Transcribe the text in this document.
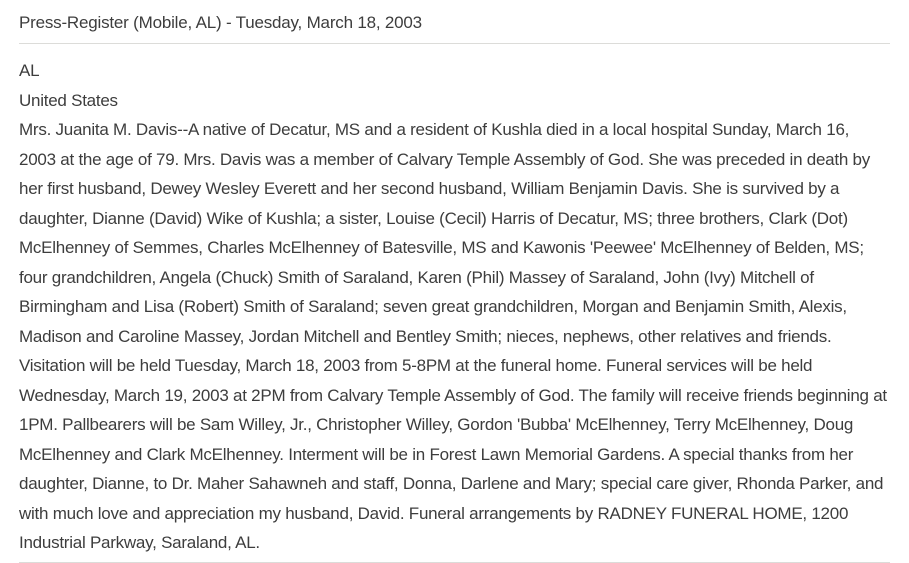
Press-Register (Mobile, AL) - Tuesday, March 18, 2003

AL

United States

Mrs. Juanita M. Davis--A native of Decatur, MS and a resident of Kushla died in a local hospital Sunday, March 16, 2003 at the age of 79. Mrs. Davis was a member of Calvary Temple Assembly of God. She was preceded in death by her first husband, Dewey Wesley Everett and her second husband, William Benjamin Davis. She is survived by a daughter, Dianne (David) Wike of Kushla; a sister, Louise (Cecil) Harris of Decatur, MS; three brothers, Clark (Dot) McElhenney of Semmes, Charles McElhenney of Batesville, MS and Kawonis 'Peewee' McElhenney of Belden, MS; four grandchildren, Angela (Chuck) Smith of Saraland, Karen (Phil) Massey of Saraland, John (Ivy) Mitchell of Birmingham and Lisa (Robert) Smith of Saraland; seven great grandchildren, Morgan and Benjamin Smith, Alexis, Madison and Caroline Massey, Jordan Mitchell and Bentley Smith; nieces, nephews, other relatives and friends. Visitation will be held Tuesday, March 18, 2003 from 5-8PM at the funeral home. Funeral services will be held Wednesday, March 19, 2003 at 2PM from Calvary Temple Assembly of God. The family will receive friends beginning at 1PM. Pallbearers will be Sam Willey, Jr., Christopher Willey, Gordon 'Bubba' McElhenney, Terry McElhenney, Doug McElhenney and Clark McElhenney. Interment will be in Forest Lawn Memorial Gardens. A special thanks from her daughter, Dianne, to Dr. Maher Sahawneh and staff, Donna, Darlene and Mary; special care giver, Rhonda Parker, and with much love and appreciation my husband, David. Funeral arrangements by RADNEY FUNERAL HOME, 1200 Industrial Parkway, Saraland, AL.
